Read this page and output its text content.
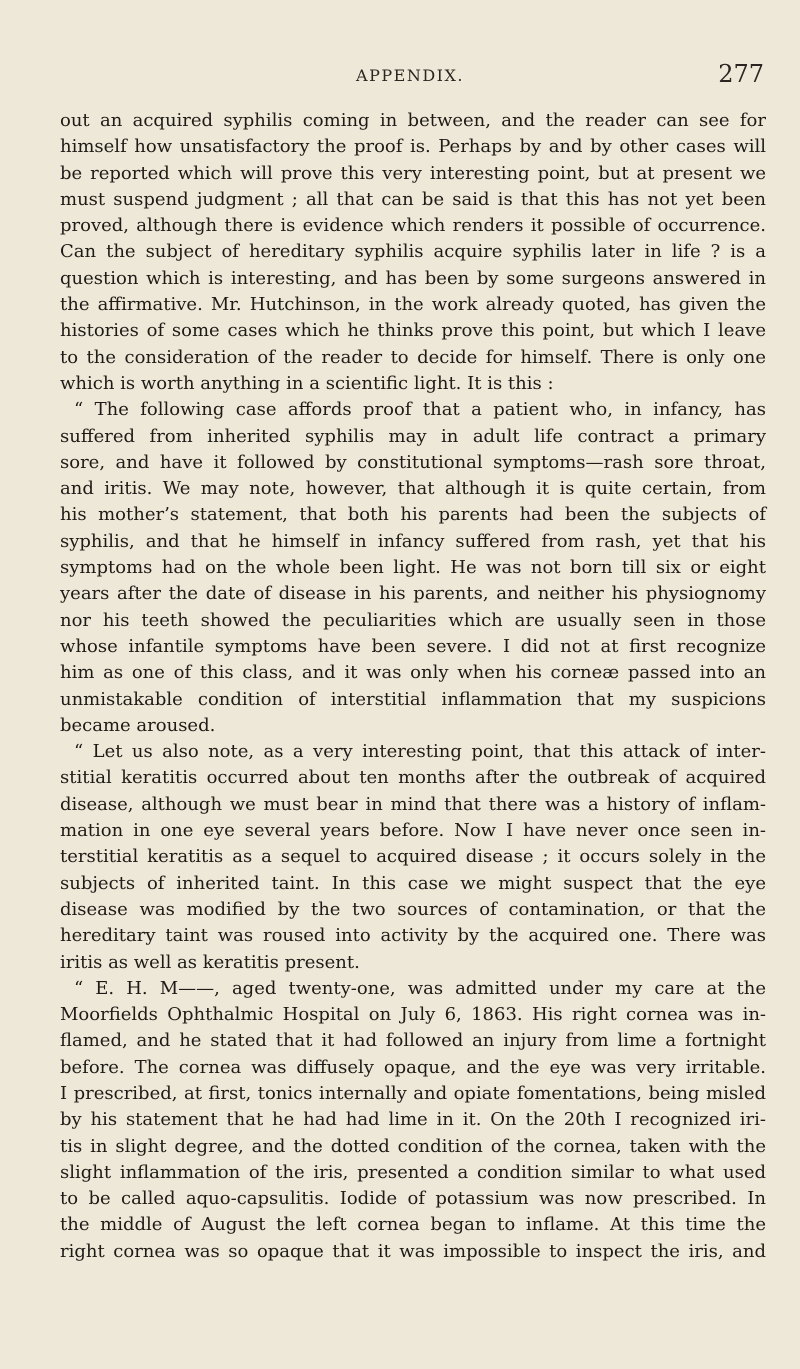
APPENDIX.	277
out an acquired syphilis coming in between, and the reader can see for
himself how unsatisfactory the proof is. Perhaps by and by other cases will
be reported which will prove this very interesting point, but at present we
must suspend judgment ; all that can be said is that this has not yet been
proved, although there is evidence which renders it possible of occurrence.
Can the subject of hereditary syphilis acquire syphilis later in life ? is a
question which is interesting, and has been by some surgeons answered in
the affirmative. Mr. Hutchinson, in the work already quoted, has given the
histories of some cases which he thinks prove this point, but which I leave
to the consideration of the reader to decide for himself. There is only one
which is worth anything in a scientific light. It is this :
“ The following case affords proof that a patient who, in infancy, has
suffered from inherited syphilis may in adult life contract a primary
sore, and have it followed by constitutional symptoms—rash sore throat,
and iritis. We may note, however, that although it is quite certain, from
his mother’s statement, that both his parents had been the subjects of
syphilis, and that he himself in infancy suffered from rash, yet that his
symptoms had on the whole been light. He was not born till six or eight
years after the date of disease in his parents, and neither his physiognomy
nor his teeth showed the peculiarities which are usually seen in those
whose infantile symptoms have been severe. I did not at first recognize
him as one of this class, and it was only when his corneæ passed into an
unmistakable condition of interstitial inflammation that my suspicions
became aroused.
“ Let us also note, as a very interesting point, that this attack of inter-
stitial keratitis occurred about ten months after the outbreak of acquired
disease, although we must bear in mind that there was a history of inflam-
mation in one eye several years before. Now I have never once seen in-
terstitial keratitis as a sequel to acquired disease ; it occurs solely in the
subjects of inherited taint. In this case we might suspect that the eye
disease was modified by the two sources of contamination, or that the
hereditary taint was roused into activity by the acquired one. There was
iritis as well as keratitis present.
“ E. H. M——, aged twenty-one, was admitted under my care at the
Moorfields Ophthalmic Hospital on July 6, 1863. His right cornea was in-
flamed, and he stated that it had followed an injury from lime a fortnight
before. The cornea was diffusely opaque, and the eye was very irritable.
I prescribed, at first, tonics internally and opiate fomentations, being misled
by his statement that he had had lime in it. On the 20th I recognized iri-
tis in slight degree, and the dotted condition of the cornea, taken with the
slight inflammation of the iris, presented a condition similar to what used
to be called aquo-capsulitis. Iodide of potassium was now prescribed. In
the middle of August the left cornea began to inflame. At this time the
right cornea was so opaque that it was impossible to inspect the iris, and
